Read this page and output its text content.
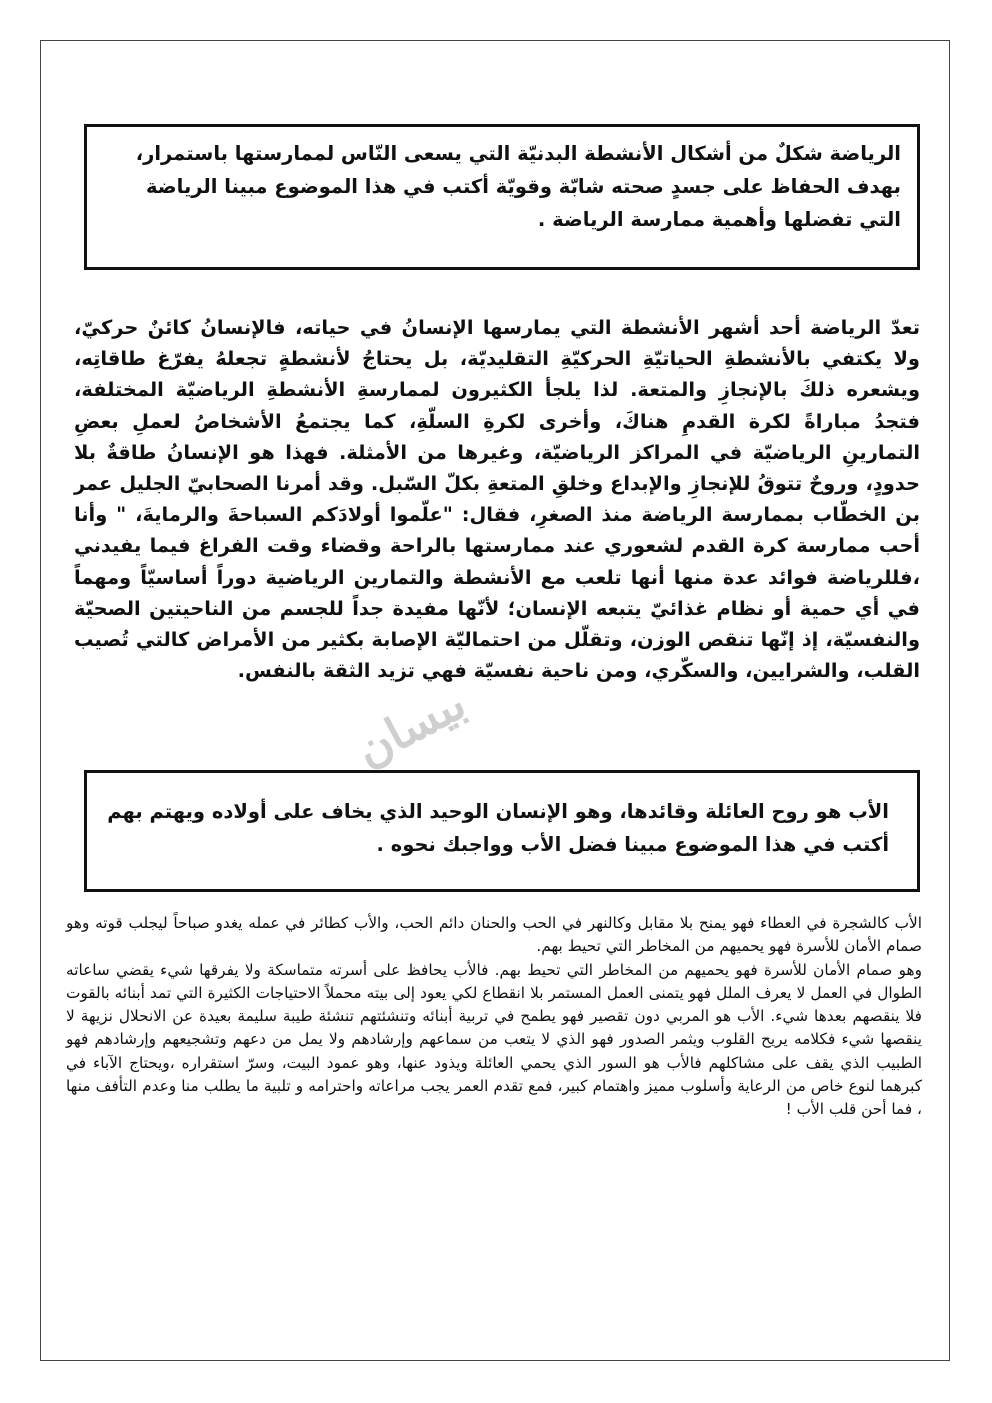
الرياضة شكلٌ من أشكال الأنشطة البدنيّة التي يسعى النّاس لممارستها باستمرار، بهدف الحفاظ على جسدٍ صحته شابّة وقويّة أكتب في هذا الموضوع مبينا الرياضة التي تفضلها وأهمية ممارسة الرياضة .

تعدّ الرياضة أحد أشهر الأنشطة التي يمارسها الإنسانُ في حياته، فالإنسانُ كائنٌ حركيّ، ولا يكتفي بالأنشطةِ الحياتيّةِ الحركيّةِ التقليديّة، بل يحتاجُ لأنشطةٍ تجعلهُ يفرّغ طاقاتِه، ويشعره ذلكَ بالإنجازِ والمتعة. لذا يلجأ الكثيرون لممارسةِ الأنشطةِ الرياضيّة المختلفة، فتجدُ مباراةً لكرة القدمِ هناكَ، وأخرى لكرةِ السلّةِ، كما يجتمعُ الأشخاصُ لعملِ بعضِ التمارينِ الرياضيّة في المراكز الرياضيّة، وغيرها من الأمثلة. فهذا هو الإنسانُ طاقةٌ بلا حدودٍ، وروحٌ تتوقُ للإنجازِ والإبداع وخلقِ المتعةِ بكلّ السّبل. وقد أمرنا الصحابيّ الجليل عمر بن الخطّاب بممارسة الرياضة منذ الصغرِ، فقال: "علّموا أولادَكم السباحةَ والرمايةَ، " وأنا أحب ممارسة كرة القدم لشعوري عند ممارستها بالراحة وقضاء وقت الفراغ فيما يفيدني ،فللرياضة فوائد عدة منها أنها تلعب مع الأنشطة والتمارين الرياضية دوراً أساسيّاً ومهماً في أي حمية أو نظام غذائيّ يتبعه الإنسان؛ لأنّها مفيدة جداً للجسم من الناحيتين الصحيّة والنفسيّة، إذ إنّها تنقص الوزن، وتقلّل من احتماليّة الإصابة بكثير من الأمراض كالتي تُصيب القلب، والشرايين، والسكّري، ومن ناحية نفسيّة فهي تزيد الثقة بالنفس.

بيسان

الأب هو روح العائلة وقائدها، وهو الإنسان الوحيد الذي يخاف على أولاده ويهتم بهم

أكتب في هذا الموضوع مبينا فضل الأب وواجبك نحوه .

الأب كالشجرة في العطاء فهو يمنح بلا مقابل وكالنهر في الحب والحنان دائم الحب، والأب كطائر في عمله يغدو صباحاً ليجلب قوته وهو صمام الأمان للأسرة فهو يحميهم من المخاطر التي تحيط بهم.
وهو صمام الأمان للأسرة فهو يحميهم من المخاطر التي تحيط بهم. فالأب يحافظ على أسرته متماسكة ولا يفرقها شيء يقضي ساعاته الطوال في العمل لا يعرف الملل فهو يتمنى العمل المستمر بلا انقطاع لكي يعود إلى بيته محملاً الاحتياجات الكثيرة التي تمد أبنائه بالقوت فلا ينقصهم بعدها شيء. الأب هو المربي دون تقصير فهو يطمح في تربية أبنائه وتنشئتهم تنشئة طيبة سليمة بعيدة عن الانحلال نزيهة لا ينقصها شيء فكلامه يريح القلوب ويثمر الصدور فهو الذي لا يتعب من سماعهم وإرشادهم ولا يمل من دعهم وتشجيعهم وإرشادهم فهو الطبيب الذي يقف على مشاكلهم فالأب هو السور الذي يحمي العائلة ويذود عنها، وهو عمود البيت، وسرّ استقراره ،ويحتاج الآباء في كبرهما لنوع خاص من الرعاية وأسلوب مميز واهتمام كبير، فمع تقدم العمر يجب مراعاته واحترامه و تلبية ما يطلب منا وعدم التأفف منها ، فما أحن قلب الأب !
